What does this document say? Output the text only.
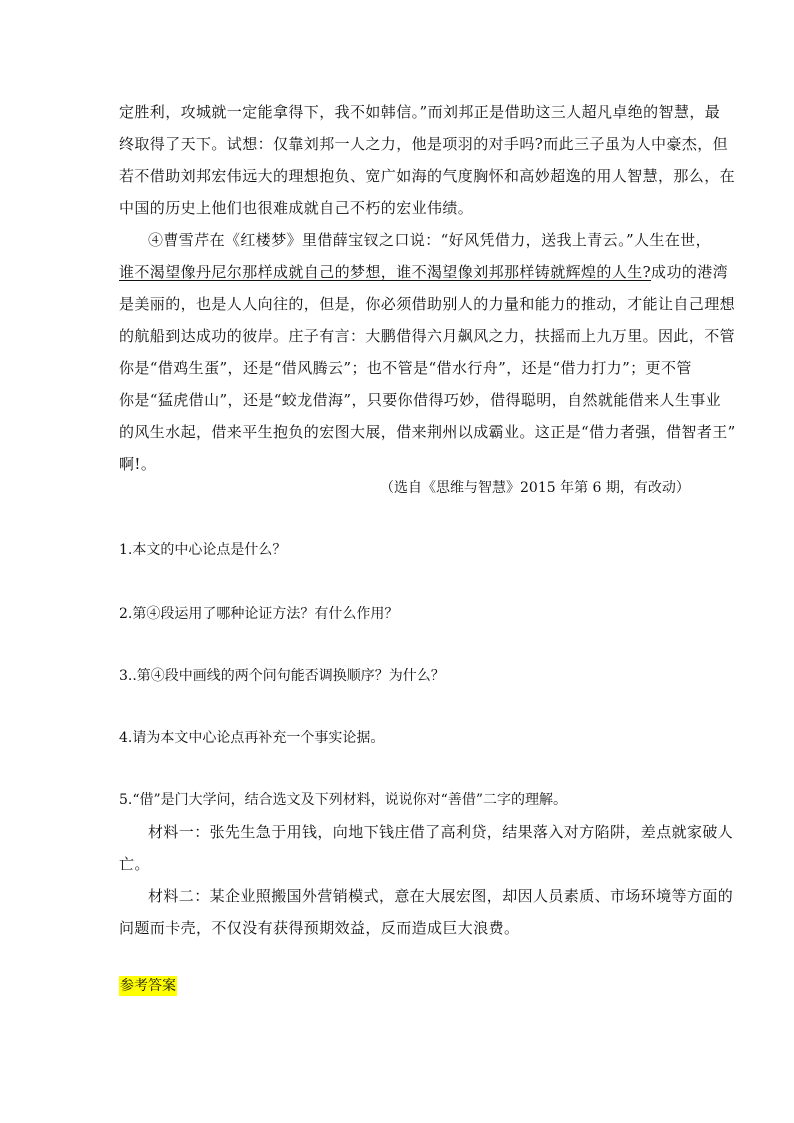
定胜利，攻城就一定能拿得下，我不如韩信。”而刘邦正是借助这三人超凡卓绝的智慧，最
终取得了天下。试想：仅靠刘邦一人之力，他是项羽的对手吗?而此三子虽为人中豪杰，但
若不借助刘邦宏伟远大的理想抱负、宽广如海的气度胸怀和高妙超逸的用人智慧，那么，在
中国的历史上他们也很难成就自己不朽的宏业伟绩。
④曹雪芹在《红楼梦》里借薛宝钗之口说：“好风凭借力，送我上青云。”人生在世，
谁不渴望像丹尼尔那样成就自己的梦想，谁不渴望像刘邦那样铸就辉煌的人生?成功的港湾
是美丽的，也是人人向往的，但是，你必须借助别人的力量和能力的推动，才能让自己理想
的航船到达成功的彼岸。庄子有言：大鹏借得六月飙风之力，扶摇而上九万里。因此，不管
你是“借鸡生蛋”，还是“借风腾云”；也不管是“借水行舟”，还是“借力打力”；更不管
你是“猛虎借山”，还是“蛟龙借海”，只要你借得巧妙，借得聪明，自然就能借来人生事业
的风生水起，借来平生抱负的宏图大展，借来荆州以成霸业。这正是“借力者强，借智者王”
啊!。
（选自《思维与智慧》2015 年第 6 期，有改动）
1.本文的中心论点是什么？
2.第④段运用了哪种论证方法？有什么作用？
3..第④段中画线的两个问句能否调换顺序？为什么？
4.请为本文中心论点再补充一个事实论据。
5.“借”是门大学问，结合选文及下列材料，说说你对“善借”二字的理解。
材料一：张先生急于用钱，向地下钱庄借了高利贷，结果落入对方陷阱，差点就家破人
亡。
材料二：某企业照搬国外营销模式，意在大展宏图，却因人员素质、市场环境等方面的
问题而卡壳，不仅没有获得预期效益，反而造成巨大浪费。
参考答案
